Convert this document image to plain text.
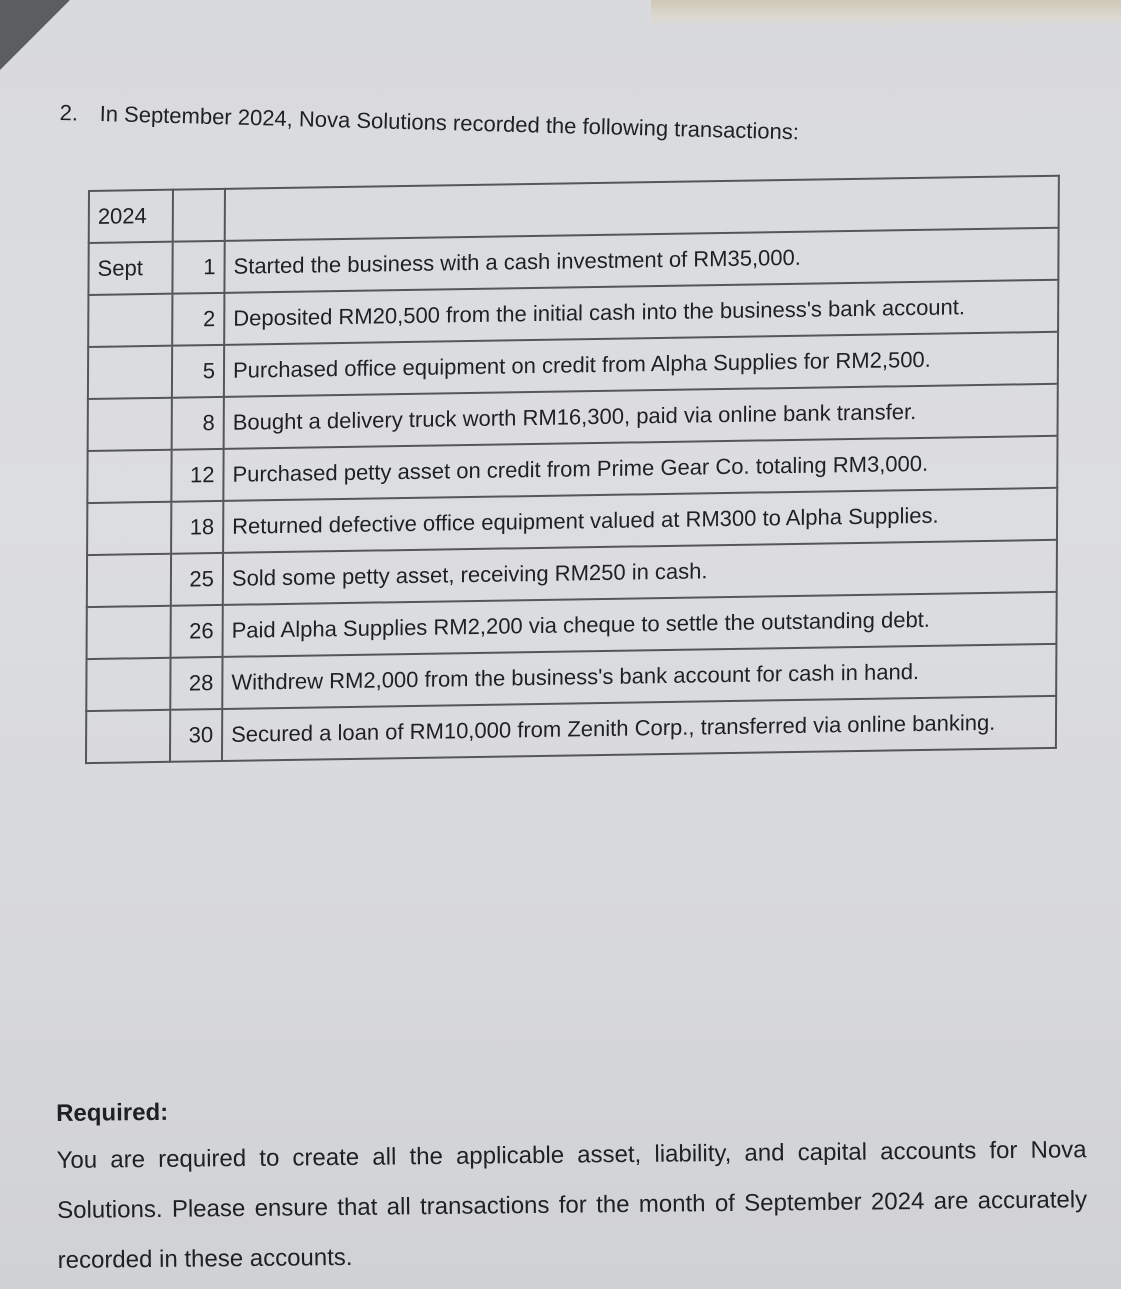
2. In September 2024, Nova Solutions recorded the following transactions:
2024		
Sept	1	Started the business with a cash investment of RM35,000.
	2	Deposited RM20,500 from the initial cash into the business's bank account.
	5	Purchased office equipment on credit from Alpha Supplies for RM2,500.
	8	Bought a delivery truck worth RM16,300, paid via online bank transfer.
	12	Purchased petty asset on credit from Prime Gear Co. totaling RM3,000.
	18	Returned defective office equipment valued at RM300 to Alpha Supplies.
	25	Sold some petty asset, receiving RM250 in cash.
	26	Paid Alpha Supplies RM2,200 via cheque to settle the outstanding debt.
	28	Withdrew RM2,000 from the business's bank account for cash in hand.
	30	Secured a loan of RM10,000 from Zenith Corp., transferred via online banking.
Required:

You are required to create all the applicable asset, liability, and capital accounts for Nova Solutions. Please ensure that all transactions for the month of September 2024 are accurately recorded in these accounts.
